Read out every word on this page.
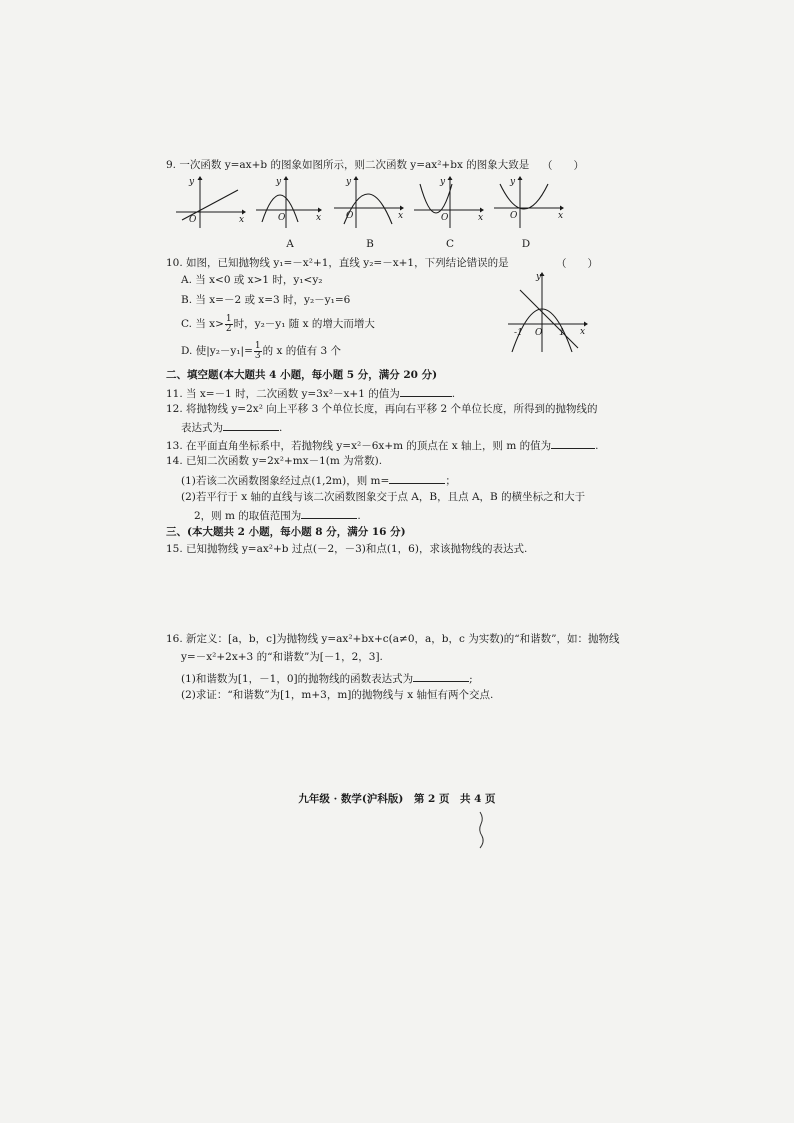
9. 一次函数 y=ax+b 的图象如图所示，则二次函数 y=ax²+bx 的图象大致是 （　　）
y
O	x
y
O	x
A
y
O	x
B
y
O	x
C
y
O	x
D
10. 如图，已知抛物线 y₁=－x²+1，直线 y₂=－x+1，下列结论错误的是	（　　）
A. 当 x<0 或 x>1 时，y₁<y₂
B. 当 x=－2 或 x=3 时，y₂－y₁=6
C. 当 $x> \frac{1}{2}$ 时，y₂－y₁ 随 x 的增大而增大
D. 使$|y_2-y_1|= \frac{1}{3}$ 的 x 的值有 3 个
y
-1 O 1 x
二、填空题(本大题共 4 小题，每小题 5 分，满分 20 分)
11. 当 x=－1 时，二次函数 y=3x²－x+1 的值为	.
12. 将抛物线 y=2x² 向上平移 3 个单位长度，再向右平移 2 个单位长度，所得到的抛物线的
表达式为	.
13. 在平面直角坐标系中，若抛物线 y=x²－6x+m 的顶点在 x 轴上，则 m 的值为	.
14. 已知二次函数 y=2x²+mx－1(m 为常数).
(1)若该二次函数图象经过点(1,2m)，则 m=	；
(2)若平行于 x 轴的直线与该二次函数图象交于点 A，B，且点 A，B 的横坐标之和大于
2，则 m 的取值范围为	.
三、(本大题共 2 小题，每小题 8 分，满分 16 分)
15. 已知抛物线 y=ax²+b 过点(－2，－3)和点(1，6)，求该抛物线的表达式.
16. 新定义：[a，b，c]为抛物线 y=ax²+bx+c(a≠0，a，b，c 为实数)的“和谐数”，如：抛物线
y=－x²+2x+3 的“和谐数”为[－1，2，3].
(1)和谐数为[1，－1，0]的抛物线的函数表达式为	;
(2)求证：“和谐数”为[1，m+3，m]的抛物线与 x 轴恒有两个交点.
九年级 · 数学(沪科版)　第 2 页　共 4 页
